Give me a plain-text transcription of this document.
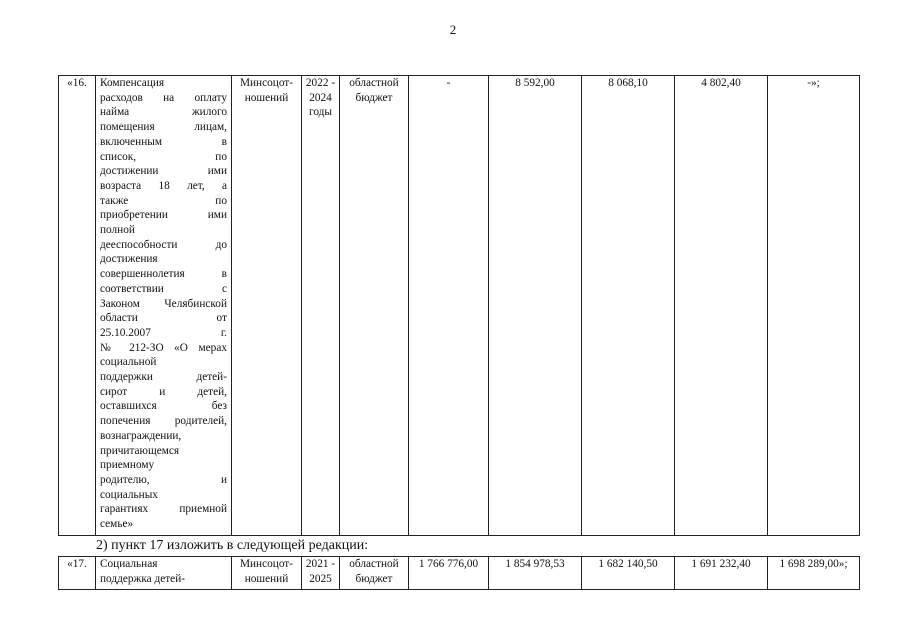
2
«16.	Компенсация
расходов на оплату
найма жилого
помещения лицам,
включенным в
список, по
достижении ими
возраста 18 лет, а
также по
приобретении ими
полной
дееспособности до
достижения
совершеннолетия в
соответствии с
Законом Челябинской
области от
25.10.2007 г.
№ 212-ЗО «О мерах
социальной
поддержки детей-
сирот и детей,
оставшихся без
попечения родителей,
вознаграждении,
причитающемся
приемному
родителю, и
социальных
гарантиях приемной
семье»
	Минсоцот-ношений	2022 - 2024 годы	областной бюджет	-	8 592,00	8 068,10	4 802,40	-»;
2) пункт 17 изложить в следующей редакции:
«17.	Социальная
поддержка детей-
	Минсоцот-ношений	2021 - 2025	областной бюджет	1 766 776,00	1 854 978,53	1 682 140,50	1 691 232,40	1 698 289,00»;
